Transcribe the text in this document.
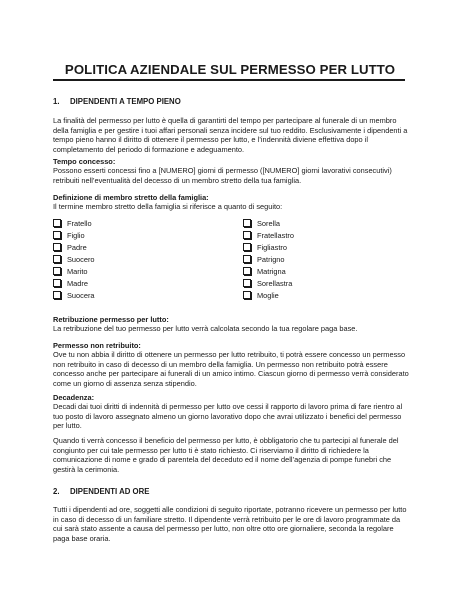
POLITICA AZIENDALE SUL PERMESSO PER LUTTO
1. DIPENDENTI A TEMPO PIENO

La finalità del permesso per lutto è quella di garantirti del tempo per partecipare al funerale di un membro della famiglia e per gestire i tuoi affari personali senza incidere sul tuo reddito. Esclusivamente i dipendenti a tempo pieno hanno il diritto di ottenere il permesso per lutto, e l’indennità diviene effettiva dopo il completamento del periodo di formazione e adeguamento.

Tempo concesso:

Possono esserti concessi fino a [NUMERO] giorni di permesso ([NUMERO] giorni lavorativi consecutivi) retribuiti nell’eventualità del decesso di un membro stretto della tua famiglia.

Definizione di membro stretto della famiglia:

Il termine membro stretto della famiglia si riferisce a quanto di seguito:

Fratello
Figlio
Padre
Suocero
Marito
Madre
Suocera
Sorella
Fratellastro
Figliastro
Patrigno
Matrigna
Sorellastra
Moglie
Retribuzione permesso per lutto:

La retribuzione del tuo permesso per lutto verrà calcolata secondo la tua regolare paga base.

Permesso non retribuito:

Ove tu non abbia il diritto di ottenere un permesso per lutto retribuito, ti potrà essere concesso un permesso non retribuito in caso di decesso di un membro della famiglia. Un permesso non retribuito potrà essere concesso anche per partecipare ai funerali di un amico intimo. Ciascun giorno di permesso verrà considerato come un giorno di assenza senza stipendio.

Decadenza:

Decadi dai tuoi diritti di indennità di permesso per lutto ove cessi il rapporto di lavoro prima di fare rientro al tuo posto di lavoro assegnato almeno un giorno lavorativo dopo che avrai utilizzato i benefici del permesso per lutto.

Quando ti verrà concesso il beneficio del permesso per lutto, è obbligatorio che tu partecipi al funerale del congiunto per cui tale permesso per lutto ti è stato richiesto. Ci riserviamo il diritto di richiedere la comunicazione di nome e grado di parentela del deceduto ed il nome dell’agenzia di pompe funebri che gestirà la cerimonia.

2. DIPENDENTI AD ORE

Tutti i dipendenti ad ore, soggetti alle condizioni di seguito riportate, potranno ricevere un permesso per lutto in caso di decesso di un familiare stretto. Il dipendente verrà retribuito per le ore di lavoro programmate da cui sarà stato assente a causa del permesso per lutto, non oltre otto ore giornaliere, seconda la regolare paga base oraria.
